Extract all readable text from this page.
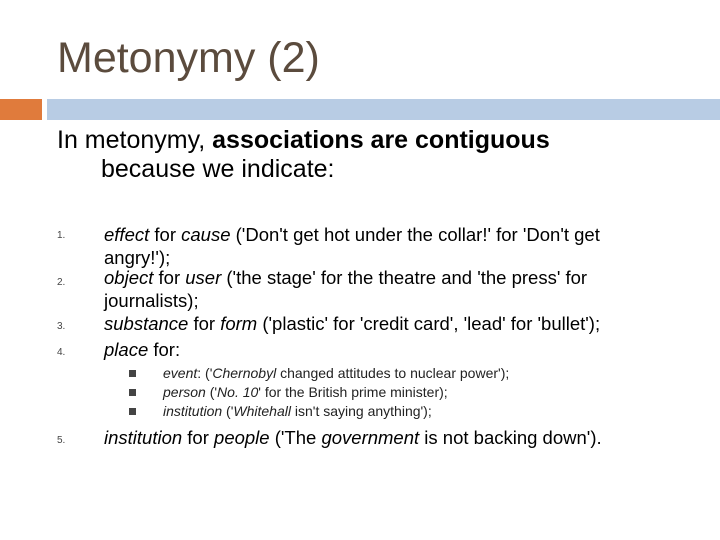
Metonymy (2)
In metonymy, associations are contiguous
because we indicate:
1. effect for cause ('Don't get hot under the collar!' for 'Don't get
angry!');
2. object for user ('the stage' for the theatre and 'the press' for
journalists);
3. substance for form ('plastic' for 'credit card', 'lead' for 'bullet');
4. place for:
event: ('Chernobyl changed attitudes to nuclear power');
person ('No. 10' for the British prime minister);
institution ('Whitehall isn't saying anything');
5. institution for people ('The government is not backing down').
